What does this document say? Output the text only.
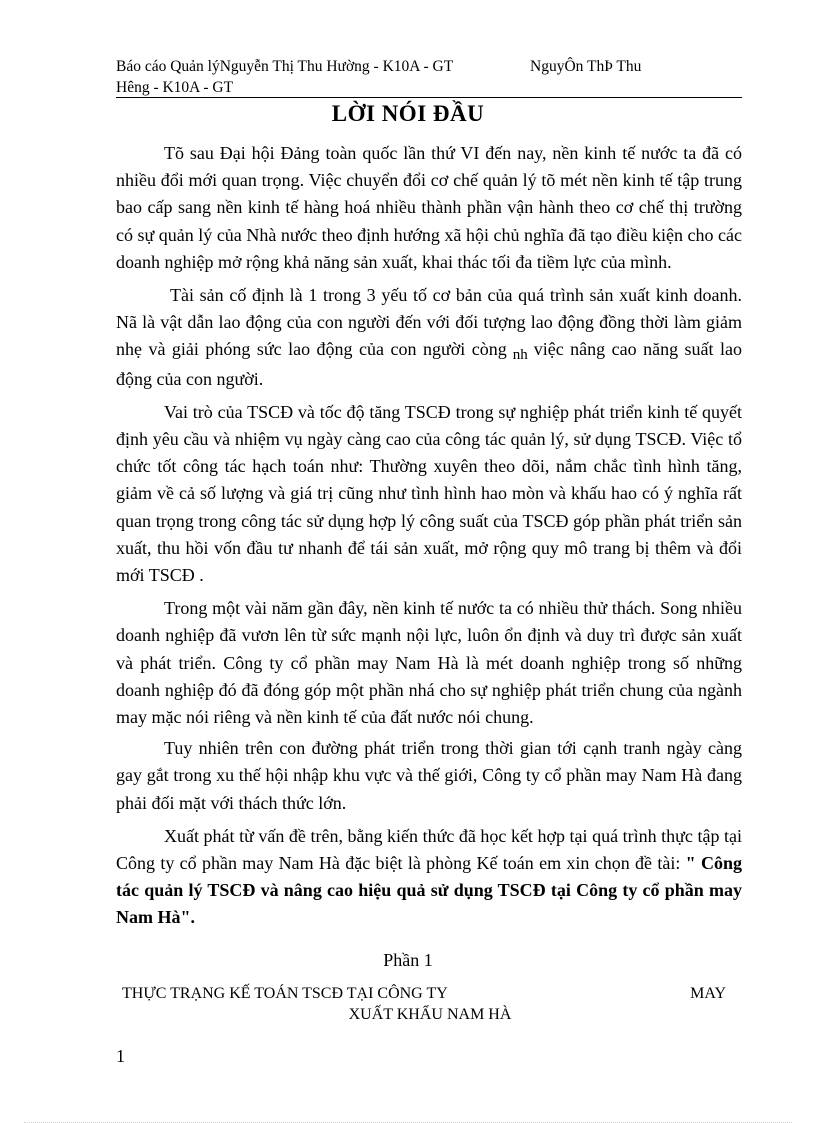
Báo cáo Quản lýNguyễn Thị Thu Hường - K10A - GT	NguyÔn ThÞ Thu
Hêng - K10A - GT
LỜI NÓI ĐẦU

Tõ sau Đại hội Đảng toàn quốc lần thứ VI đến nay, nền kinh tế nước ta đã có nhiều đổi mới quan trọng. Việc chuyển đổi cơ chế quản lý tõ mét nền kinh tế tập trung bao cấp sang nền kinh tế hàng hoá nhiều thành phần vận hành theo cơ chế thị trường có sự quản lý của Nhà nước theo định hướng xã hội chủ nghĩa đã tạo điều kiện cho các doanh nghiệp mở rộng khả năng sản xuất, khai thác tối đa tiềm lực của mình.

Tài sản cố định là 1 trong 3 yếu tố cơ bản của quá trình sản xuất kinh doanh. Nã là vật dẫn lao động của con người đến với đối tượng lao động đồng thời làm giảm nhẹ và giải phóng sức lao động của con người còng $_{nh}$ việc nâng cao năng suất lao động của con người.

Vai trò của TSCĐ và tốc độ tăng TSCĐ trong sự nghiệp phát triển kinh tế quyết định yêu cầu và nhiệm vụ ngày càng cao của công tác quản lý, sử dụng TSCĐ. Việc tổ chức tốt công tác hạch toán như: Thường xuyên theo dõi, nắm chắc tình hình tăng, giảm về cả số lượng và giá trị cũng như tình hình hao mòn và khấu hao có ý nghĩa rất quan trọng trong công tác sử dụng hợp lý công suất của TSCĐ góp phần phát triển sản xuất, thu hồi vốn đầu tư nhanh để tái sản xuất, mở rộng quy mô trang bị thêm và đổi mới TSCĐ .

Trong một vài năm gần đây, nền kinh tế nước ta có nhiều thử thách. Song nhiều doanh nghiệp đã vươn lên từ sức mạnh nội lực, luôn ổn định và duy trì được sản xuất và phát triển. Công ty cổ phần may Nam Hà là mét doanh nghiệp trong số những doanh nghiệp đó đã đóng góp một phần nhá cho sự nghiệp phát triển chung của ngành may mặc nói riêng và nền kinh tế của đất nước nói chung.

Tuy nhiên trên con đường phát triển trong thời gian tới cạnh tranh ngày càng gay gắt trong xu thế hội nhập khu vực và thế giới, Công ty cổ phần may Nam Hà đang phải đối mặt với thách thức lớn.

Xuất phát từ vấn đề trên, bằng kiến thức đã học kết hợp tại quá trình thực tập tại Công ty cổ phần may Nam Hà đặc biệt là phòng Kế toán em xin chọn đề tài: " Công tác quản lý TSCĐ và nâng cao hiệu quả sử dụng TSCĐ tại Công ty cổ phần may Nam Hà".

Phần 1
THỰC TRẠNG KẾ TOÁN TSCĐ TẠI CÔNG TY	MAY
XUẤT KHẨU NAM HÀ
1
